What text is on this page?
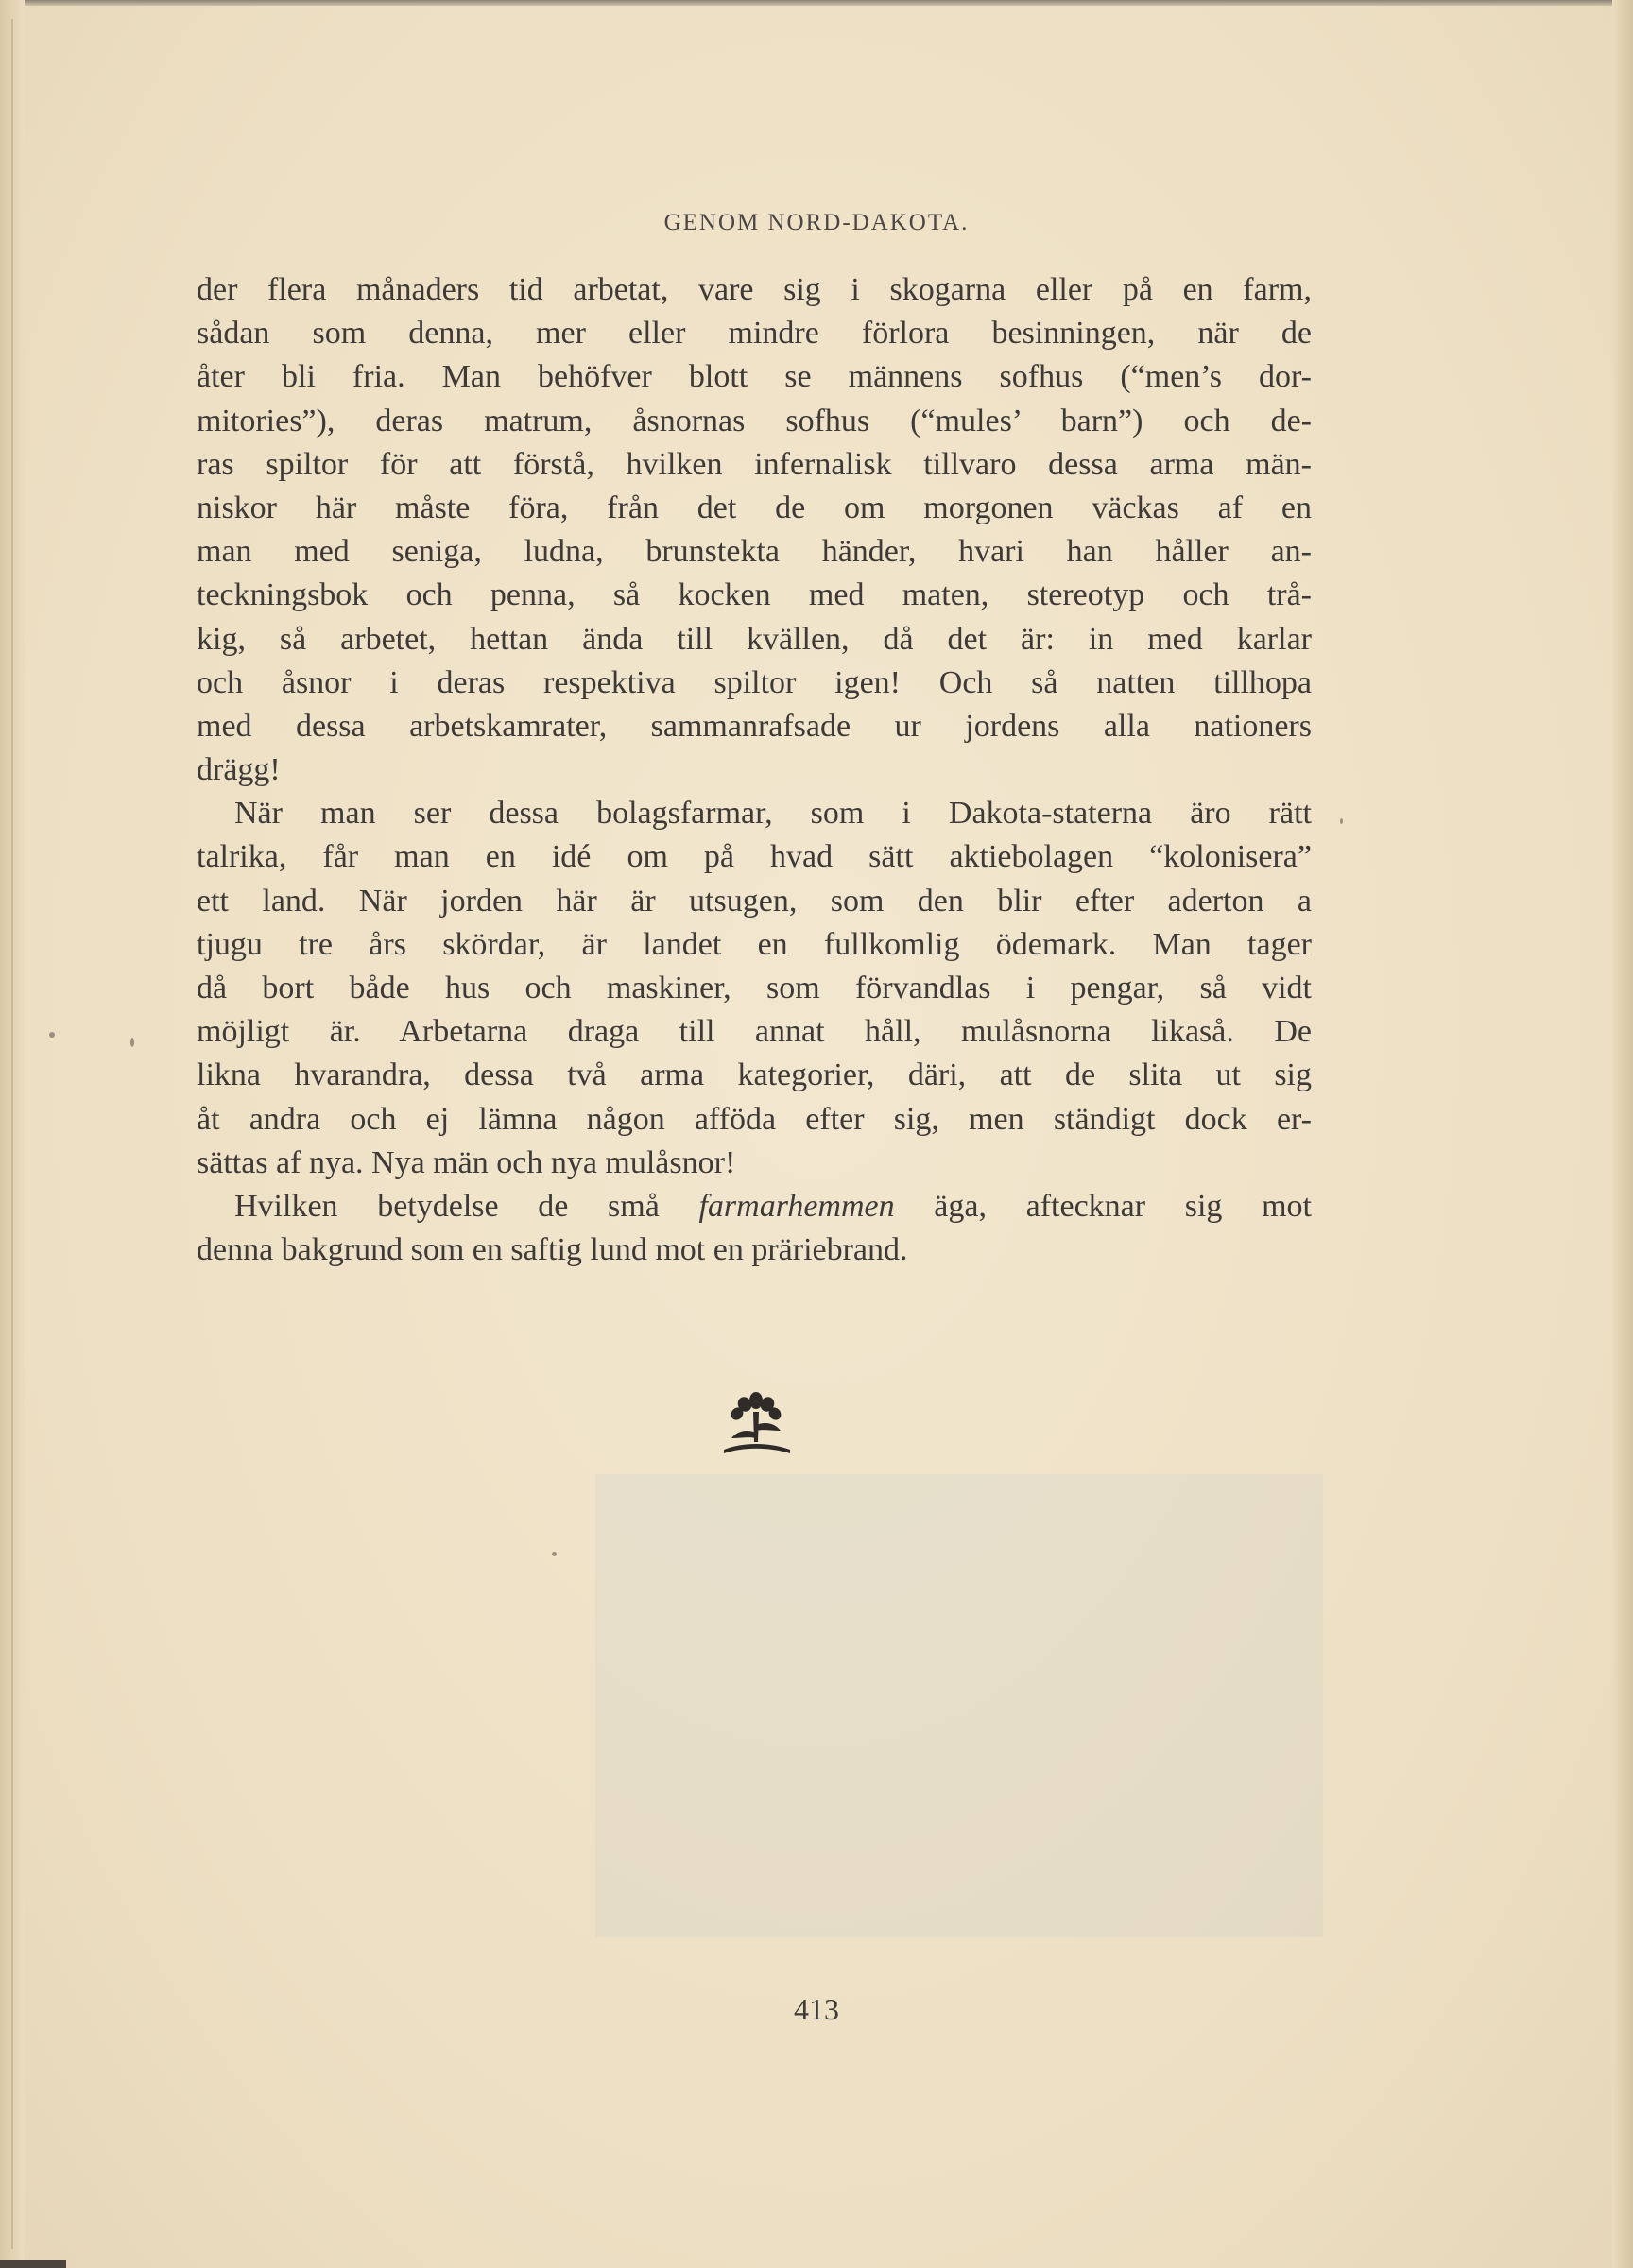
GENOM NORD-DAKOTA.
der flera månaders tid arbetat, vare sig i skogarna eller på en farm,
sådan som denna, mer eller mindre förlora besinningen, när de
åter bli fria. Man behöfver blott se männens sofhus (“men’s dor-
mitories”), deras matrum, åsnornas sofhus (“mules’ barn”) och de-
ras spiltor för att förstå, hvilken infernalisk tillvaro dessa arma män-
niskor här måste föra, från det de om morgonen väckas af en
man med seniga, ludna, brunstekta händer, hvari han håller an-
teckningsbok och penna, så kocken med maten, stereotyp och trå-
kig, så arbetet, hettan ända till kvällen, då det är: in med karlar
och åsnor i deras respektiva spiltor igen! Och så natten tillhopa
med dessa arbetskamrater, sammanrafsade ur jordens alla nationers
drägg!
När man ser dessa bolagsfarmar, som i Dakota-staterna äro rätt
talrika, får man en idé om på hvad sätt aktiebolagen “kolonisera”
ett land. När jorden här är utsugen, som den blir efter aderton a
tjugu tre års skördar, är landet en fullkomlig ödemark. Man tager
då bort både hus och maskiner, som förvandlas i pengar, så vidt
möjligt är. Arbetarna draga till annat håll, mulåsnorna likaså. De
likna hvarandra, dessa två arma kategorier, däri, att de slita ut sig
åt andra och ej lämna någon afföda efter sig, men ständigt dock er-
sättas af nya. Nya män och nya mulåsnor!
Hvilken betydelse de små farmarhemmen äga, aftecknar sig mot
denna bakgrund som en saftig lund mot en präriebrand.
413
